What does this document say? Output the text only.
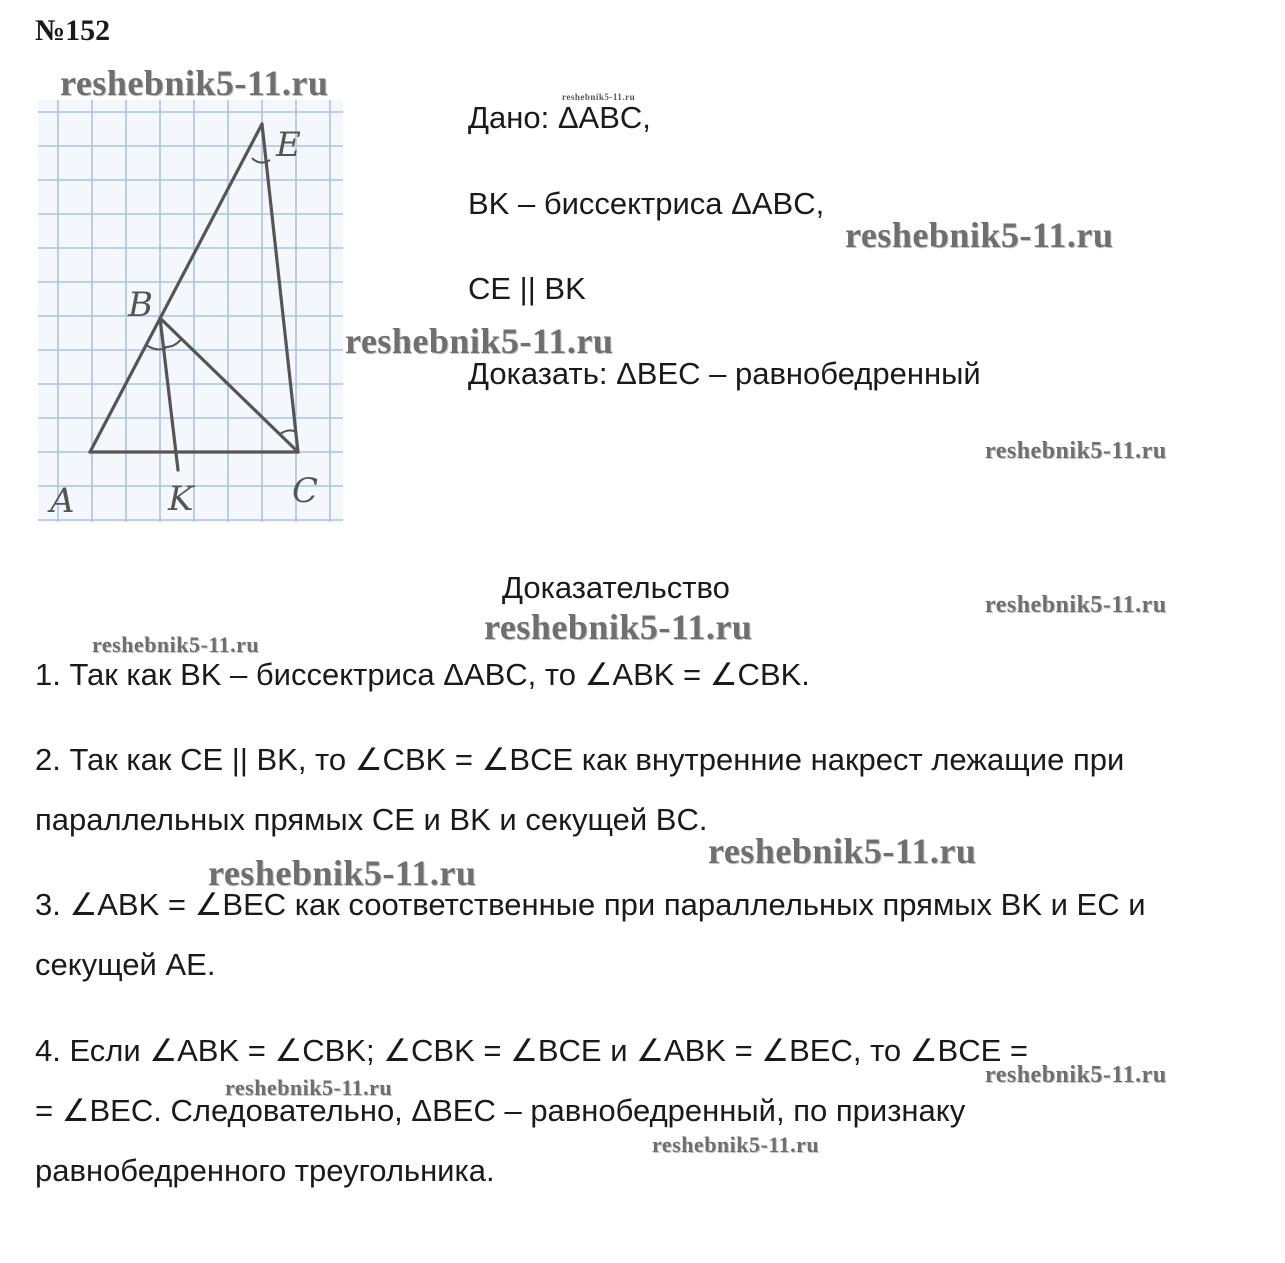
№152
A	K	C
B
E
Дано: ΔABC,
BK – биссектриса ΔABC,
CE || BK
Доказать: ΔBEC – равнобедренный
Доказательство
1. Так как BK – биссектриса ΔABC, то ∠ABK = ∠CBK.
2. Так как CE || BK, то ∠CBK = ∠BCE как внутренние накрест лежащие при
параллельных прямых CE и BK и секущей BC.
3. ∠ABK = ∠BEC как соответственные при параллельных прямых BK и EC и
секущей AE.
4. Если ∠ABK = ∠CBK; ∠CBK = ∠BCE и ∠ABK = ∠BEC, то ∠BCE =
= ∠BEC. Следовательно, ΔBEC – равнобедренный, по признаку
равнобедренного треугольника.
reshebnik5-11.ru	reshebnik5-11.ru
reshebnik5-11.ru
reshebnik5-11.ru
reshebnik5-11.ru
reshebnik5-11.ru
reshebnik5-11.ru
reshebnik5-11.ru
reshebnik5-11.ru
reshebnik5-11.ru
reshebnik5-11.ru
reshebnik5-11.ru
reshebnik5-11.ru
